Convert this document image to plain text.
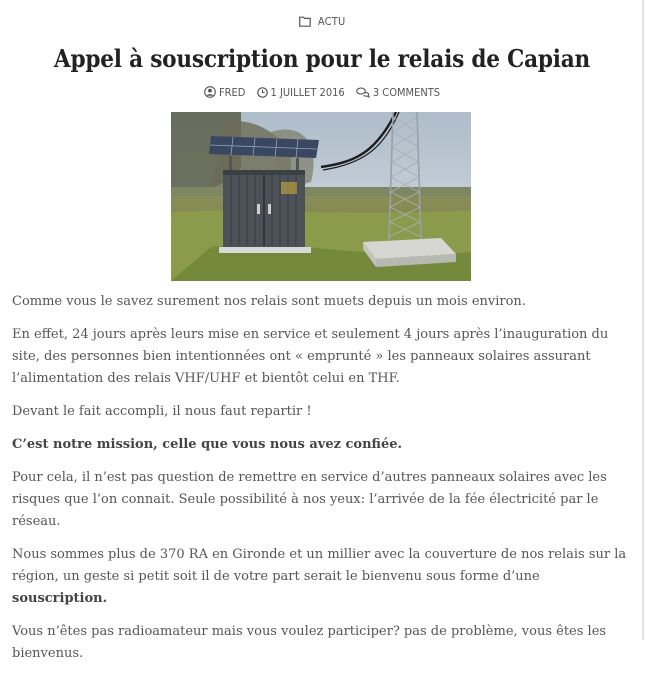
ACTU
Appel à souscription pour le relais de Capian
FRED 1 JUILLET 2016	3 COMMENTS

Comme vous le savez surement nos relais sont muets depuis un mois environ.

En effet, 24 jours après leurs mise en service et seulement 4 jours après l’inauguration du site, des personnes bien intentionnées ont « emprunté » les panneaux solaires assurant l’alimentation des relais VHF/UHF et bientôt celui en THF.

Devant le fait accompli, il nous faut repartir !

C’est notre mission, celle que vous nous avez confiée.

Pour cela, il n’est pas question de remettre en service d’autres panneaux solaires avec les risques que l’on connait. Seule possibilité à nos yeux: l’arrivée de la fée électricité par le réseau.

Nous sommes plus de 370 RA en Gironde et un millier avec la couverture de nos relais sur la région, un geste si petit soit il de votre part serait le bienvenu sous forme d’une souscription.

Vous n’êtes pas radioamateur mais vous voulez participer? pas de problème, vous êtes les bienvenus.
